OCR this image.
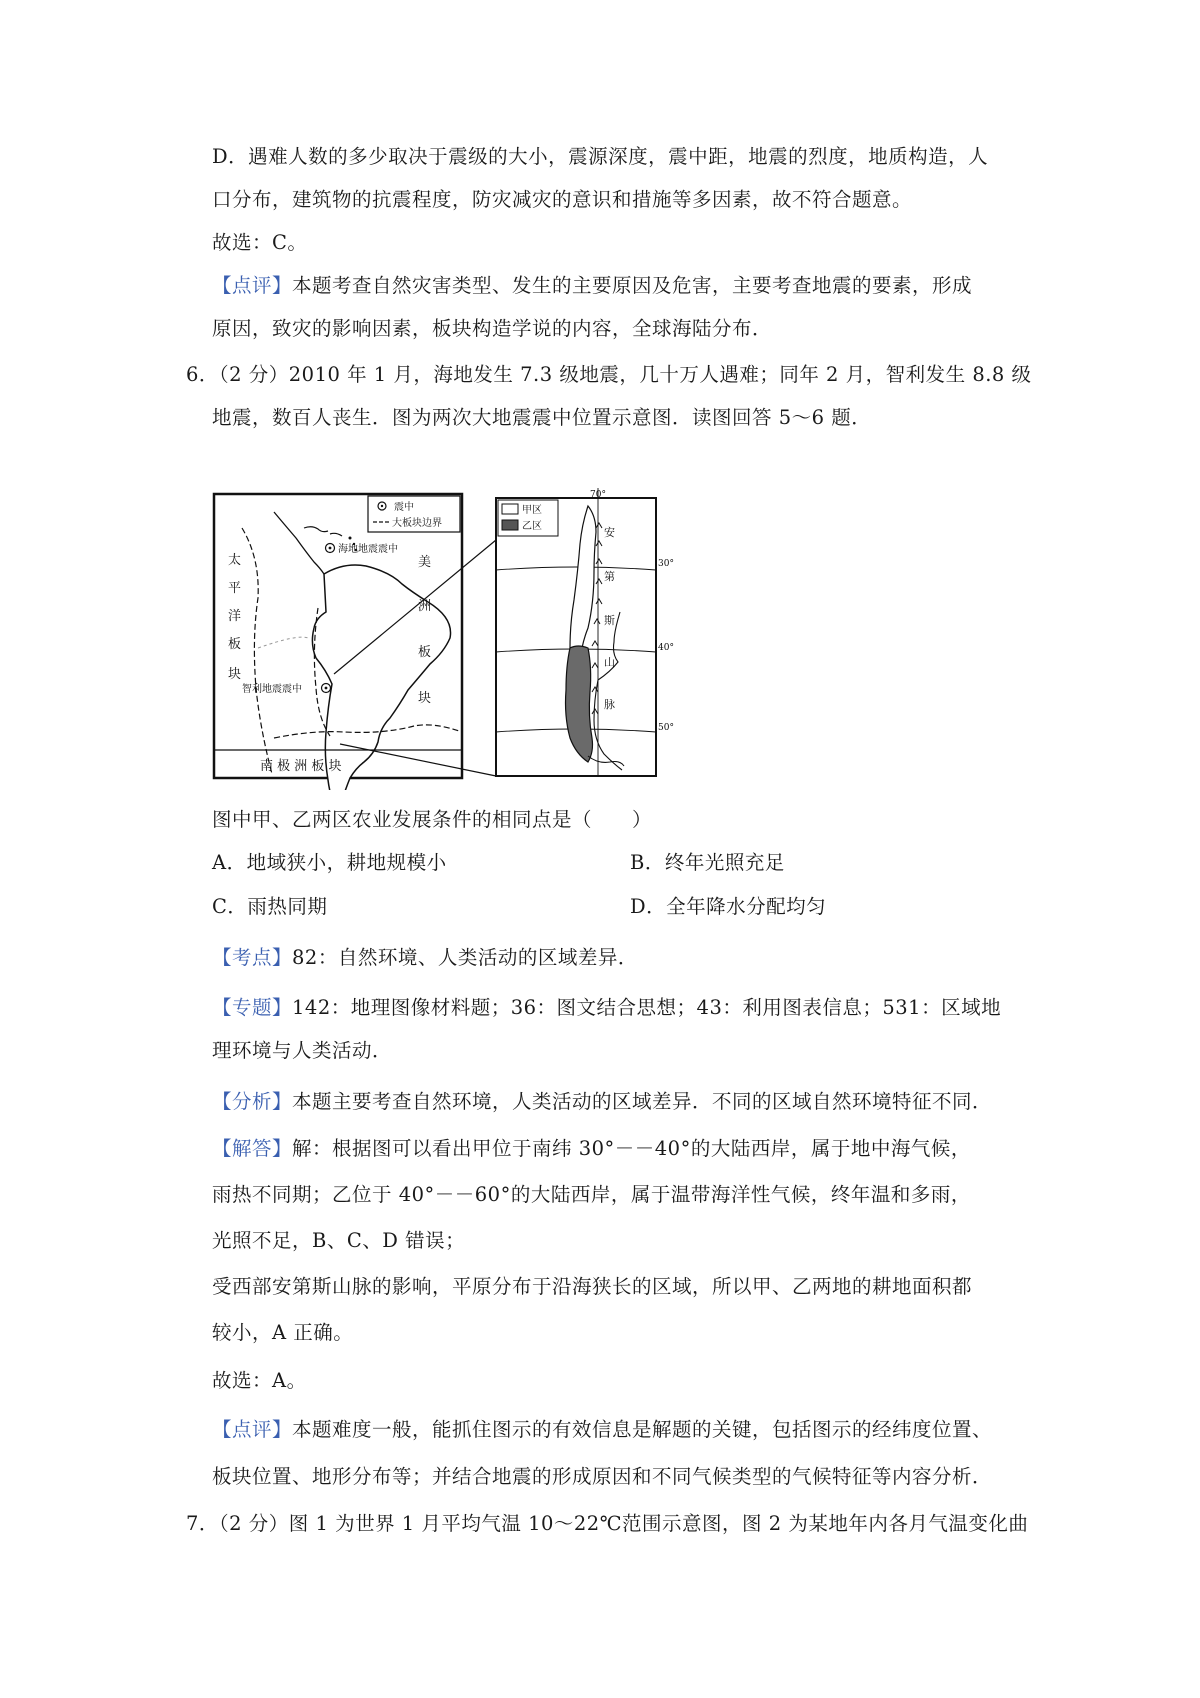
D．遇难人数的多少取决于震级的大小，震源深度，震中距，地震的烈度，地质构造，人
口分布，建筑物的抗震程度，防灾减灾的意识和措施等多因素，故不符合题意。
故选：C。
【点评】本题考查自然灾害类型、发生的主要原因及危害，主要考查地震的要素，形成
原因，致灾的影响因素，板块构造学说的内容，全球海陆分布．
6．（2 分）2010 年 1 月，海地发生 7.3 级地震，几十万人遇难；同年 2 月，智利发生 8.8 级
地震，数百人丧生．图为两次大地震震中位置示意图．读图回答 5～6 题．
震中
大板块边界
海地地震震中
智利地震震中
太
平
洋
板
块
美
洲
板
块
南 极 洲 板 块
甲区
乙区
70°
30°
40°
50°
安
第
斯
山
脉
图中甲、乙两区农业发展条件的相同点是（　　）
A．地域狭小，耕地规模小	B．终年光照充足
C．雨热同期	D．全年降水分配均匀
【考点】82：自然环境、人类活动的区域差异．
【专题】142：地理图像材料题；36：图文结合思想；43：利用图表信息；531：区域地
理环境与人类活动．
【分析】本题主要考查自然环境，人类活动的区域差异．不同的区域自然环境特征不同．
【解答】解：根据图可以看出甲位于南纬 30°－－40°的大陆西岸，属于地中海气候，
雨热不同期；乙位于 40°－－60°的大陆西岸，属于温带海洋性气候，终年温和多雨，
光照不足，B、C、D 错误；
受西部安第斯山脉的影响，平原分布于沿海狭长的区域，所以甲、乙两地的耕地面积都
较小，A 正确。
故选：A。
【点评】本题难度一般，能抓住图示的有效信息是解题的关键，包括图示的经纬度位置、
板块位置、地形分布等；并结合地震的形成原因和不同气候类型的气候特征等内容分析．
7．（2 分）图 1 为世界 1 月平均气温 10～22℃范围示意图，图 2 为某地年内各月气温变化曲
